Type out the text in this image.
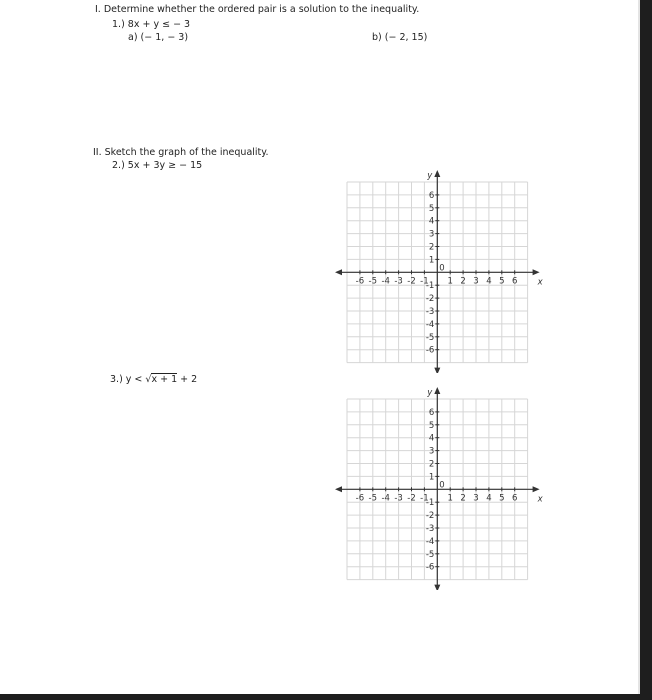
I. Determine whether the ordered pair is a solution to the inequality.
1.) 8x + y ≤ − 3
a) (− 1, − 3)	b) (− 2, 15)
II. Sketch the graph of the inequality.
2.) 5x + 3y ≥ − 15
3.) y < √x + 1 + 2
-6 -5 -4 -3 -2 -1 1 2 3 4 5 6
6
5
4
3
2
1
-1
-2
-3
-4
-5
-6
0
x
y
-6 -5 -4 -3 -2 -1 1 2 3 4 5 6
6
5
4
3
2
1
-1
-2
-3
-4
-5
-6
0
x
y
